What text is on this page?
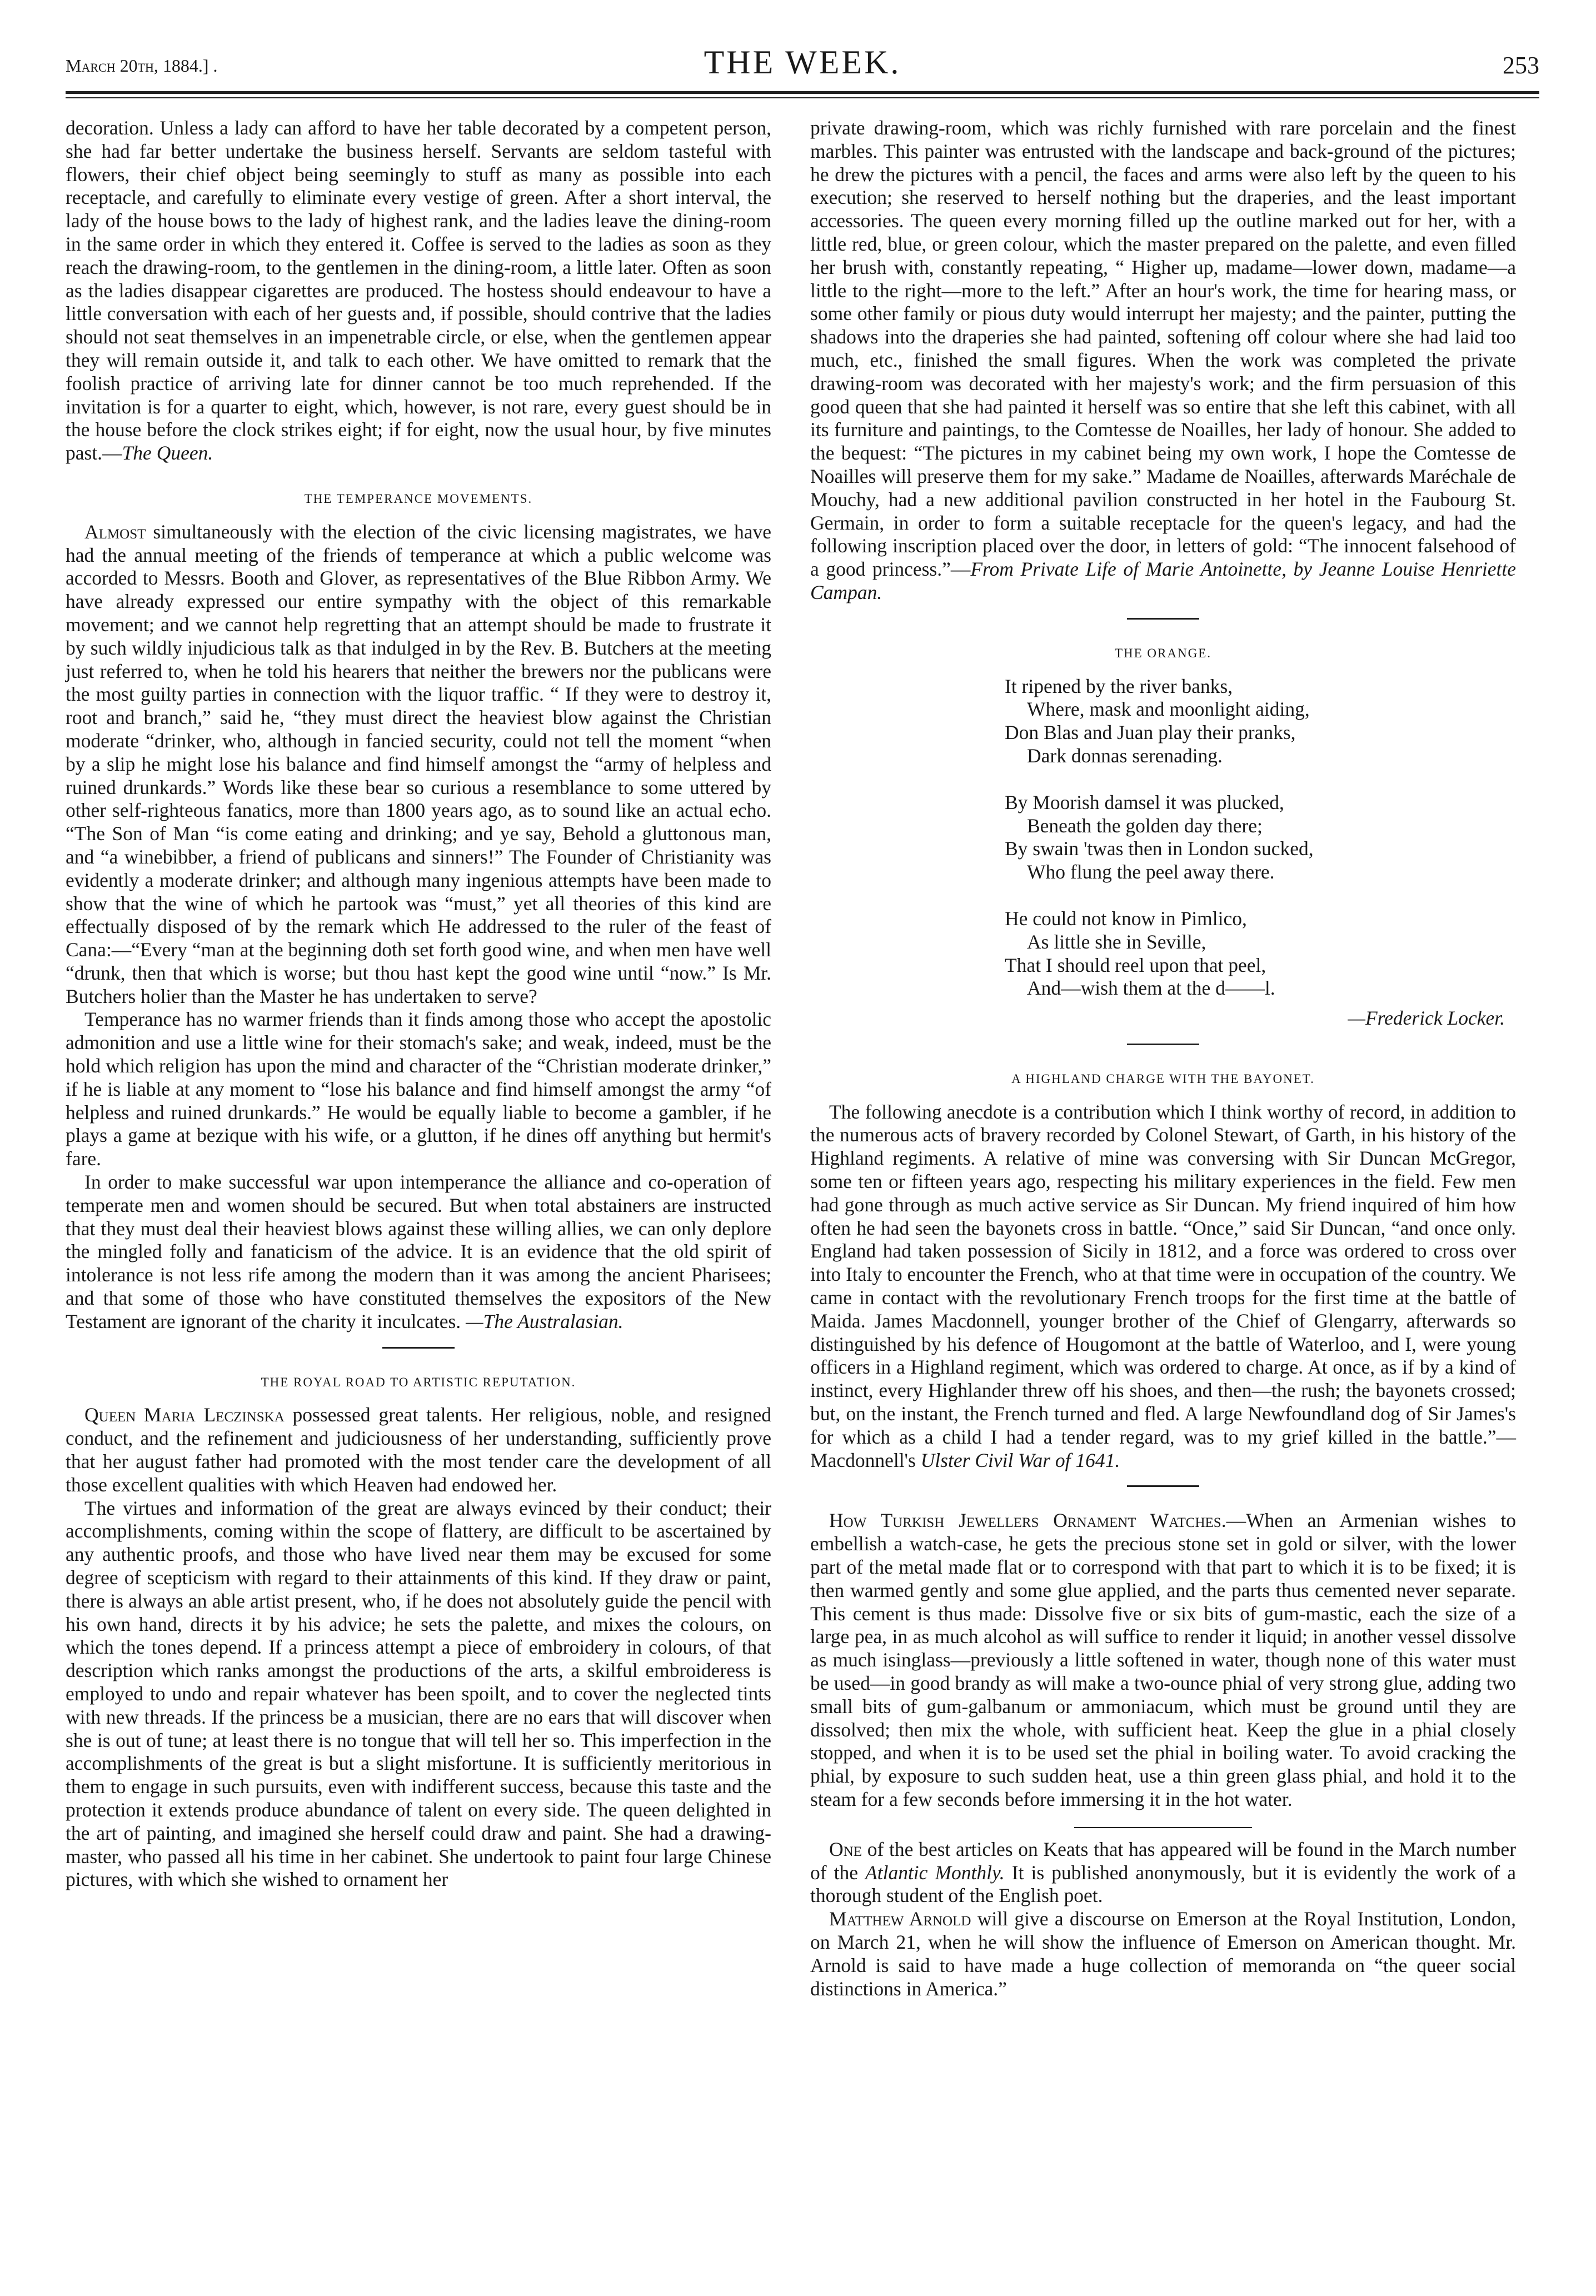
March 20th, 1884.] .	THE WEEK.	253

decoration. Unless a lady can afford to have her table decorated by a competent person, she had far better undertake the business herself. Servants are seldom tasteful with flowers, their chief object being seemingly to stuff as many as possible into each receptacle, and carefully to eliminate every vestige of green. After a short interval, the lady of the house bows to the lady of highest rank, and the ladies leave the dining-room in the same order in which they entered it. Coffee is served to the ladies as soon as they reach the drawing-room, to the gentlemen in the dining-room, a little later. Often as soon as the ladies disappear cigarettes are produced. The hostess should endeavour to have a little conversation with each of her guests and, if possible, should contrive that the ladies should not seat themselves in an impenetrable circle, or else, when the gentlemen appear they will remain outside it, and talk to each other. We have omitted to remark that the foolish practice of arriving late for dinner cannot be too much reprehended. If the invitation is for a quarter to eight, which, however, is not rare, every guest should be in the house before the clock strikes eight; if for eight, now the usual hour, by five minutes past.—The Queen.

THE TEMPERANCE MOVEMENTS.

Almost simultaneously with the election of the civic licensing magistrates, we have had the annual meeting of the friends of temperance at which a public welcome was accorded to Messrs. Booth and Glover, as representatives of the Blue Ribbon Army. We have already expressed our entire sympathy with the object of this remarkable movement; and we cannot help regretting that an attempt should be made to frustrate it by such wildly injudicious talk as that indulged in by the Rev. B. Butchers at the meeting just referred to, when he told his hearers that neither the brewers nor the publicans were the most guilty parties in connection with the liquor traffic. “ If they were to destroy it, root and branch,” said he, “they must direct the heaviest blow against the Christian moderate “drinker, who, although in fancied security, could not tell the moment “when by a slip he might lose his balance and find himself amongst the “army of helpless and ruined drunkards.” Words like these bear so curious a resemblance to some uttered by other self-righteous fanatics, more than 1800 years ago, as to sound like an actual echo. “The Son of Man “is come eating and drinking; and ye say, Behold a gluttonous man, and “a winebibber, a friend of publicans and sinners!” The Founder of Christianity was evidently a moderate drinker; and although many ingenious attempts have been made to show that the wine of which he partook was “must,” yet all theories of this kind are effectually disposed of by the remark which He addressed to the ruler of the feast of Cana:—“Every “man at the beginning doth set forth good wine, and when men have well “drunk, then that which is worse; but thou hast kept the good wine until “now.” Is Mr. Butchers holier than the Master he has undertaken to serve?

Temperance has no warmer friends than it finds among those who accept the apostolic admonition and use a little wine for their stomach's sake; and weak, indeed, must be the hold which religion has upon the mind and character of the “Christian moderate drinker,” if he is liable at any moment to “lose his balance and find himself amongst the army “of helpless and ruined drunkards.” He would be equally liable to become a gambler, if he plays a game at bezique with his wife, or a glutton, if he dines off anything but hermit's fare.

In order to make successful war upon intemperance the alliance and co-operation of temperate men and women should be secured. But when total abstainers are instructed that they must deal their heaviest blows against these willing allies, we can only deplore the mingled folly and fanaticism of the advice. It is an evidence that the old spirit of intolerance is not less rife among the modern than it was among the ancient Pharisees; and that some of those who have constituted themselves the expositors of the New Testament are ignorant of the charity it inculcates. —The Australasian.

THE ROYAL ROAD TO ARTISTIC REPUTATION.

Queen Maria Leczinska possessed great talents. Her religious, noble, and resigned conduct, and the refinement and judiciousness of her understanding, sufficiently prove that her august father had promoted with the most tender care the development of all those excellent qualities with which Heaven had endowed her.

The virtues and information of the great are always evinced by their conduct; their accomplishments, coming within the scope of flattery, are difficult to be ascertained by any authentic proofs, and those who have lived near them may be excused for some degree of scepticism with regard to their attainments of this kind. If they draw or paint, there is always an able artist present, who, if he does not absolutely guide the pencil with his own hand, directs it by his advice; he sets the palette, and mixes the colours, on which the tones depend. If a princess attempt a piece of embroidery in colours, of that description which ranks amongst the productions of the arts, a skilful embroideress is employed to undo and repair whatever has been spoilt, and to cover the neglected tints with new threads. If the princess be a musician, there are no ears that will discover when she is out of tune; at least there is no tongue that will tell her so. This imperfection in the accomplishments of the great is but a slight misfortune. It is sufficiently meritorious in them to engage in such pursuits, even with indifferent success, because this taste and the protection it extends produce abundance of talent on every side. The queen delighted in the art of painting, and imagined she herself could draw and paint. She had a drawing-master, who passed all his time in her cabinet. She undertook to paint four large Chinese pictures, with which she wished to ornament her

private drawing-room, which was richly furnished with rare porcelain and the finest marbles. This painter was entrusted with the landscape and back-ground of the pictures; he drew the pictures with a pencil, the faces and arms were also left by the queen to his execution; she reserved to herself nothing but the draperies, and the least important accessories. The queen every morning filled up the outline marked out for her, with a little red, blue, or green colour, which the master prepared on the palette, and even filled her brush with, constantly repeating, “ Higher up, madame—lower down, madame—a little to the right—more to the left.” After an hour's work, the time for hearing mass, or some other family or pious duty would interrupt her majesty; and the painter, putting the shadows into the draperies she had painted, softening off colour where she had laid too much, etc., finished the small figures. When the work was completed the private drawing-room was decorated with her majesty's work; and the firm persuasion of this good queen that she had painted it herself was so entire that she left this cabinet, with all its furniture and paintings, to the Comtesse de Noailles, her lady of honour. She added to the bequest: “The pictures in my cabinet being my own work, I hope the Comtesse de Noailles will preserve them for my sake.” Madame de Noailles, afterwards Maréchale de Mouchy, had a new additional pavilion constructed in her hotel in the Faubourg St. Germain, in order to form a suitable receptacle for the queen's legacy, and had the following inscription placed over the door, in letters of gold: “The innocent falsehood of a good princess.”—From Private Life of Marie Antoinette, by Jeanne Louise Henriette Campan.

THE ORANGE.
It ripened by the river banks,
Where, mask and moonlight aiding,
Don Blas and Juan play their pranks,
Dark donnas serenading.
By Moorish damsel it was plucked,
Beneath the golden day there;
By swain 'twas then in London sucked,
Who flung the peel away there.
He could not know in Pimlico,
As little she in Seville,
That I should reel upon that peel,
And—wish them at the d——l.
—Frederick Locker.
A HIGHLAND CHARGE WITH THE BAYONET.

The following anecdote is a contribution which I think worthy of record, in addition to the numerous acts of bravery recorded by Colonel Stewart, of Garth, in his history of the Highland regiments. A relative of mine was conversing with Sir Duncan McGregor, some ten or fifteen years ago, respecting his military experiences in the field. Few men had gone through as much active service as Sir Duncan. My friend inquired of him how often he had seen the bayonets cross in battle. “Once,” said Sir Duncan, “and once only. England had taken possession of Sicily in 1812, and a force was ordered to cross over into Italy to encounter the French, who at that time were in occupation of the country. We came in contact with the revolutionary French troops for the first time at the battle of Maida. James Macdonnell, younger brother of the Chief of Glengarry, afterwards so distinguished by his defence of Hougomont at the battle of Waterloo, and I, were young officers in a Highland regiment, which was ordered to charge. At once, as if by a kind of instinct, every Highlander threw off his shoes, and then—the rush; the bayonets crossed; but, on the instant, the French turned and fled. A large Newfoundland dog of Sir James's for which as a child I had a tender regard, was to my grief killed in the battle.”—Macdonnell's Ulster Civil War of 1641.

How Turkish Jewellers Ornament Watches.—When an Armenian wishes to embellish a watch-case, he gets the precious stone set in gold or silver, with the lower part of the metal made flat or to correspond with that part to which it is to be fixed; it is then warmed gently and some glue applied, and the parts thus cemented never separate. This cement is thus made: Dissolve five or six bits of gum-mastic, each the size of a large pea, in as much alcohol as will suffice to render it liquid; in another vessel dissolve as much isinglass—previously a little softened in water, though none of this water must be used—in good brandy as will make a two-ounce phial of very strong glue, adding two small bits of gum-galbanum or ammoniacum, which must be ground until they are dissolved; then mix the whole, with sufficient heat. Keep the glue in a phial closely stopped, and when it is to be used set the phial in boiling water. To avoid cracking the phial, by exposure to such sudden heat, use a thin green glass phial, and hold it to the steam for a few seconds before immersing it in the hot water.

One of the best articles on Keats that has appeared will be found in the March number of the Atlantic Monthly. It is published anonymously, but it is evidently the work of a thorough student of the English poet.

Matthew Arnold will give a discourse on Emerson at the Royal Institution, London, on March 21, when he will show the influence of Emerson on American thought. Mr. Arnold is said to have made a huge collection of memoranda on “the queer social distinctions in America.”
